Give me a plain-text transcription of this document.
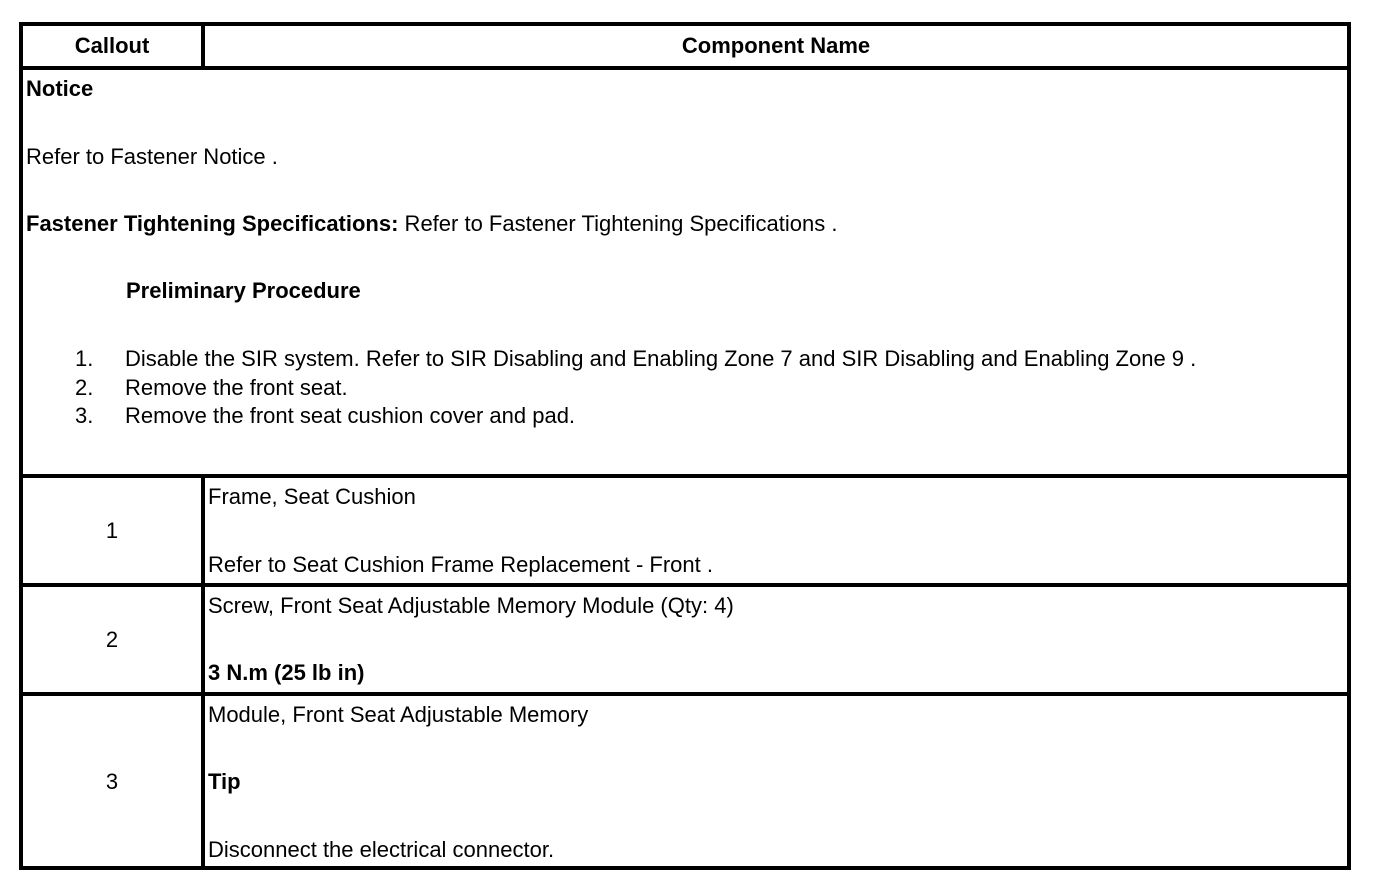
Callout	Component Name
Notice
Refer to Fastener Notice .
Fastener Tightening Specifications: Refer to Fastener Tightening Specifications .
Preliminary Procedure
1. Disable the SIR system. Refer to SIR Disabling and Enabling Zone 7 and SIR Disabling and Enabling Zone 9 .
2. Remove the front seat.
3. Remove the front seat cushion cover and pad.
1
Frame, Seat Cushion
Refer to Seat Cushion Frame Replacement - Front .
2
Screw, Front Seat Adjustable Memory Module (Qty: 4)
3 N.m (25 lb in)
3
Module, Front Seat Adjustable Memory
Tip
Disconnect the electrical connector.
